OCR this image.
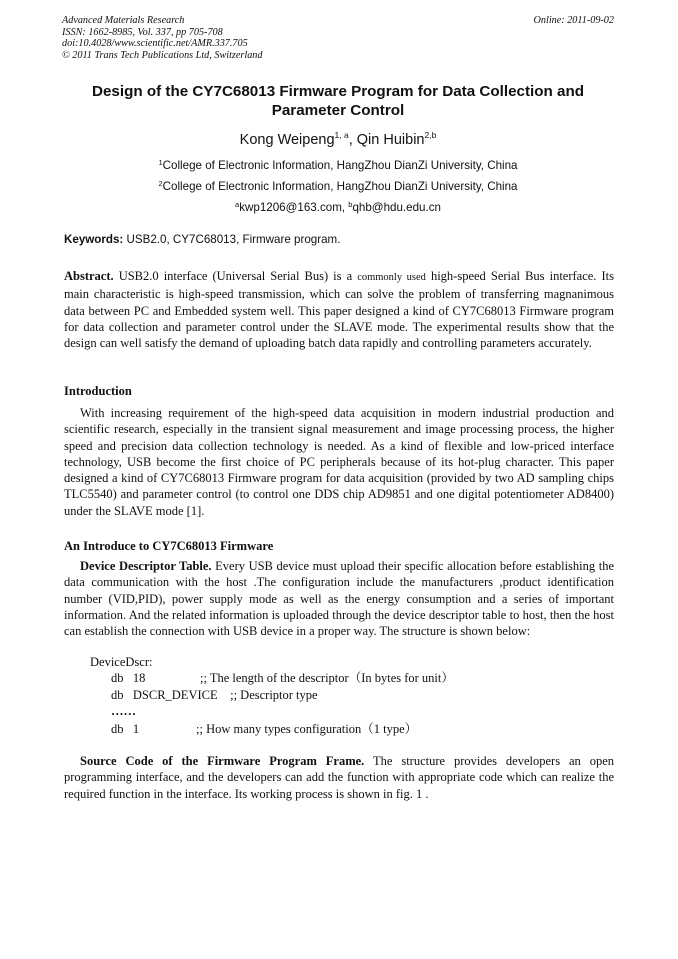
Advanced Materials Research
ISSN: 1662-8985, Vol. 337, pp 705-708
doi:10.4028/www.scientific.net/AMR.337.705
© 2011 Trans Tech Publications Ltd, Switzerland
Online: 2011-09-02
Design of the CY7C68013 Firmware Program for Data Collection and
Parameter Control
Kong Weipeng$^{1, a}$, Qin Huibin$^{2,b}$
$^1$College of Electronic Information, HangZhou DianZi University, China
$^2$College of Electronic Information, HangZhou DianZi University, China
$^a$kwp1206@163.com, $^b$qhb@hdu.edu.cn
Keywords: USB2.0, CY7C68013, Firmware program.
Abstract. USB2.0 interface (Universal Serial Bus) is a commonly used high-speed Serial Bus interface. Its main characteristic is high-speed transmission, which can solve the problem of transferring magnanimous data between PC and Embedded system well. This paper designed a kind of CY7C68013 Firmware program for data collection and parameter control under the SLAVE mode. The experimental results show that the design can well satisfy the demand of uploading batch data rapidly and controlling parameters accurately.
Introduction
With increasing requirement of the high-speed data acquisition in modern industrial production and scientific research, especially in the transient signal measurement and image processing process, the higher speed and precision data collection technology is needed. As a kind of flexible and low-priced interface technology, USB become the first choice of PC peripherals because of its hot-plug character. This paper designed a kind of CY7C68013 Firmware program for data acquisition (provided by two AD sampling chips TLC5540) and parameter control (to control one DDS chip AD9851 and one digital potentiometer AD8400) under the SLAVE mode [1].
An Introduce to CY7C68013 Firmware
Device Descriptor Table. Every USB device must upload their specific allocation before establishing the data communication with the host .The configuration include the manufacturers ,product identification number (VID,PID), power supply mode as well as the energy consumption and a series of important information. And the related information is uploaded through the device descriptor table to host, then the host can establish the connection with USB device in a proper way. The structure is shown below:
DeviceDscr:
db   18	;; The length of the descriptor（In bytes for unit）
db   DSCR_DEVICE    ;; Descriptor type
……
db   1	;; How many types configuration（1 type）
Source Code of the Firmware Program Frame. The structure provides developers an open programming interface, and the developers can add the function with appropriate code which can realize the required function in the interface. Its working process is shown in fig. 1 .
